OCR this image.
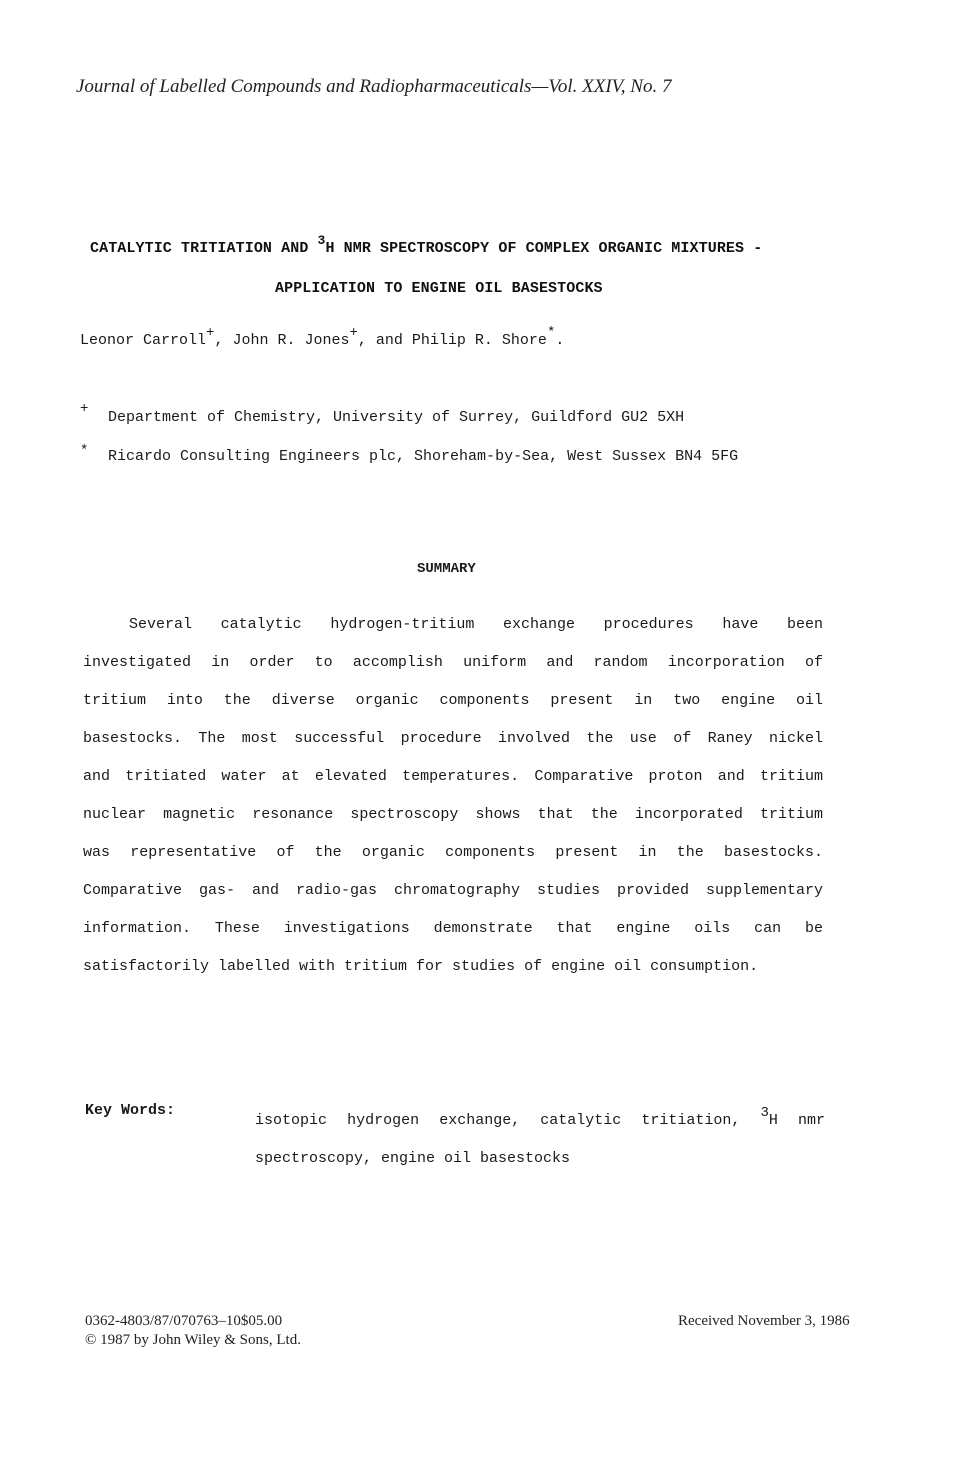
Journal of Labelled Compounds and Radiopharmaceuticals—Vol. XXIV, No. 7
CATALYTIC TRITIATION AND 3H NMR SPECTROSCOPY OF COMPLEX ORGANIC MIXTURES -
APPLICATION TO ENGINE OIL BASESTOCKS
Leonor Carroll+, John R. Jones+, and Philip R. Shore*.
+ Department of Chemistry, University of Surrey, Guildford GU2 5XH
* Ricardo Consulting Engineers plc, Shoreham-by-Sea, West Sussex BN4 5FG
SUMMARY
Several catalytic hydrogen-tritium exchange procedures have been
investigated in order to accomplish uniform and random incorporation of
tritium into the diverse organic components present in two engine oil
basestocks. The most successful procedure involved the use of Raney nickel
and tritiated water at elevated temperatures. Comparative proton and tritium
nuclear magnetic resonance spectroscopy shows that the incorporated tritium
was representative of the organic components present in the basestocks.
Comparative gas- and radio-gas chromatography studies provided supplementary
information. These investigations demonstrate that engine oils can be
satisfactorily labelled with tritium for studies of engine oil consumption.
Key Words:
isotopic hydrogen exchange, catalytic tritiation, 3H nmr
spectroscopy, engine oil basestocks
0362-4803/87/070763–10$05.00
© 1987 by John Wiley & Sons, Ltd.
Received November 3, 1986
